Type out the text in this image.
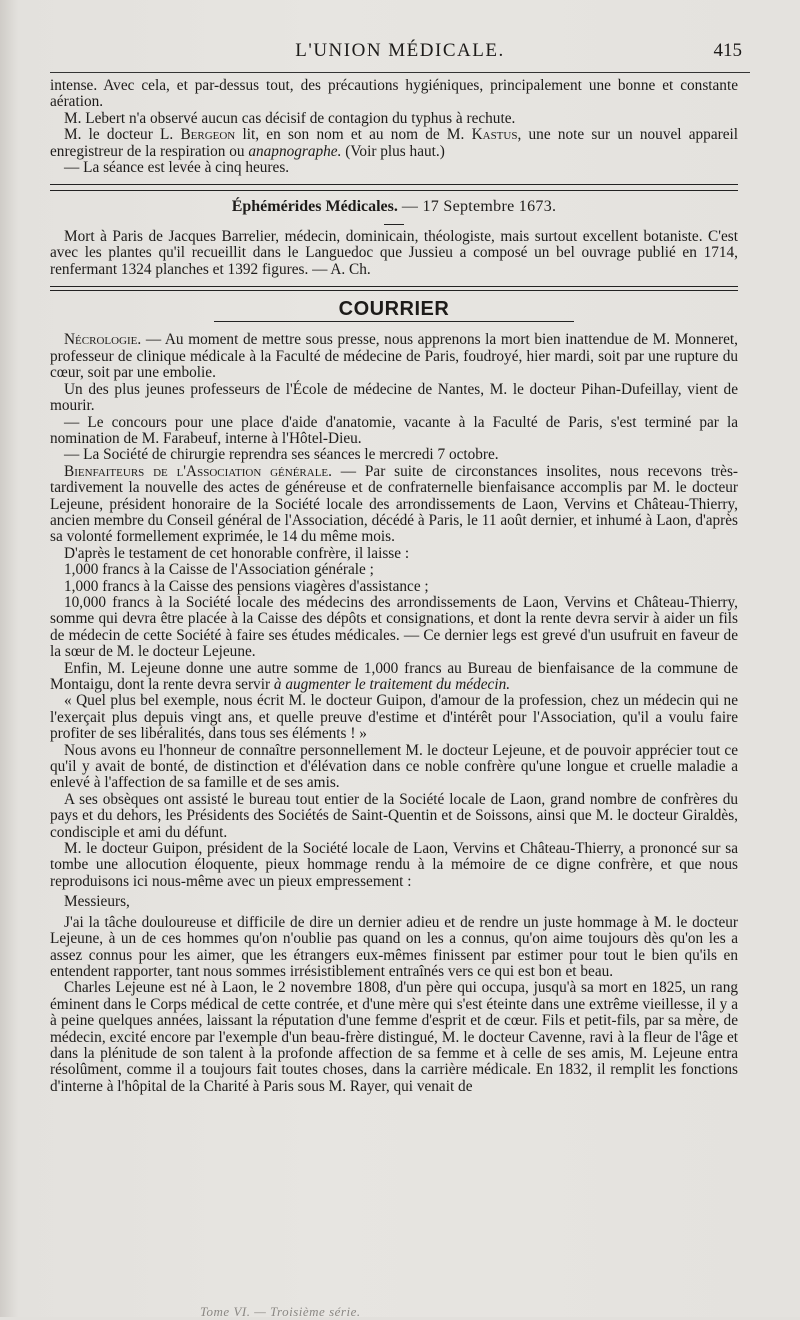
L'UNION MÉDICALE.	415

intense. Avec cela, et par-dessus tout, des précautions hygiéniques, principalement une bonne et constante aération.

M. Lebert n'a observé aucun cas décisif de contagion du typhus à rechute.

M. le docteur L. Bergeon lit, en son nom et au nom de M. Kastus, une note sur un nouvel appareil enregistreur de la respiration ou anapnographe. (Voir plus haut.)

— La séance est levée à cinq heures.

Éphémérides Médicales. — 17 Septembre 1673.

Mort à Paris de Jacques Barrelier, médecin, dominicain, théologiste, mais surtout excellent botaniste. C'est avec les plantes qu'il recueillit dans le Languedoc que Jussieu a composé un bel ouvrage publié en 1714, renfermant 1324 planches et 1392 figures. — A. Ch.

COURRIER

Nécrologie. — Au moment de mettre sous presse, nous apprenons la mort bien inattendue de M. Monneret, professeur de clinique médicale à la Faculté de médecine de Paris, foudroyé, hier mardi, soit par une rupture du cœur, soit par une embolie.

Un des plus jeunes professeurs de l'École de médecine de Nantes, M. le docteur Pihan-Dufeillay, vient de mourir.

— Le concours pour une place d'aide d'anatomie, vacante à la Faculté de Paris, s'est terminé par la nomination de M. Farabeuf, interne à l'Hôtel-Dieu.

— La Société de chirurgie reprendra ses séances le mercredi 7 octobre.

Bienfaiteurs de l'Association générale. — Par suite de circonstances insolites, nous recevons très-tardivement la nouvelle des actes de généreuse et de confraternelle bienfaisance accomplis par M. le docteur Lejeune, président honoraire de la Société locale des arrondissements de Laon, Vervins et Château-Thierry, ancien membre du Conseil général de l'Association, décédé à Paris, le 11 août dernier, et inhumé à Laon, d'après sa volonté formellement exprimée, le 14 du même mois.

D'après le testament de cet honorable confrère, il laisse :

1,000 francs à la Caisse de l'Association générale ;

1,000 francs à la Caisse des pensions viagères d'assistance ;

10,000 francs à la Société locale des médecins des arrondissements de Laon, Vervins et Château-Thierry, somme qui devra être placée à la Caisse des dépôts et consignations, et dont la rente devra servir à aider un fils de médecin de cette Société à faire ses études médicales. — Ce dernier legs est grevé d'un usufruit en faveur de la sœur de M. le docteur Lejeune.

Enfin, M. Lejeune donne une autre somme de 1,000 francs au Bureau de bienfaisance de la commune de Montaigu, dont la rente devra servir à augmenter le traitement du médecin.

« Quel plus bel exemple, nous écrit M. le docteur Guipon, d'amour de la profession, chez un médecin qui ne l'exerçait plus depuis vingt ans, et quelle preuve d'estime et d'intérêt pour l'Association, qu'il a voulu faire profiter de ses libéralités, dans tous ses éléments ! »

Nous avons eu l'honneur de connaître personnellement M. le docteur Lejeune, et de pouvoir apprécier tout ce qu'il y avait de bonté, de distinction et d'élévation dans ce noble confrère qu'une longue et cruelle maladie a enlevé à l'affection de sa famille et de ses amis.

A ses obsèques ont assisté le bureau tout entier de la Société locale de Laon, grand nombre de confrères du pays et du dehors, les Présidents des Sociétés de Saint-Quentin et de Soissons, ainsi que M. le docteur Giraldès, condisciple et ami du défunt.

M. le docteur Guipon, président de la Société locale de Laon, Vervins et Château-Thierry, a prononcé sur sa tombe une allocution éloquente, pieux hommage rendu à la mémoire de ce digne confrère, et que nous reproduisons ici nous-même avec un pieux empressement :

Messieurs,

J'ai la tâche douloureuse et difficile de dire un dernier adieu et de rendre un juste hommage à M. le docteur Lejeune, à un de ces hommes qu'on n'oublie pas quand on les a connus, qu'on aime toujours dès qu'on les a assez connus pour les aimer, que les étrangers eux-mêmes finissent par estimer pour tout le bien qu'ils en entendent rapporter, tant nous sommes irrésistiblement entraînés vers ce qui est bon et beau.

Charles Lejeune est né à Laon, le 2 novembre 1808, d'un père qui occupa, jusqu'à sa mort en 1825, un rang éminent dans le Corps médical de cette contrée, et d'une mère qui s'est éteinte dans une extrême vieillesse, il y a à peine quelques années, laissant la réputation d'une femme d'esprit et de cœur. Fils et petit-fils, par sa mère, de médecin, excité encore par l'exemple d'un beau-frère distingué, M. le docteur Cavenne, ravi à la fleur de l'âge et dans la plénitude de son talent à la profonde affection de sa femme et à celle de ses amis, M. Lejeune entra résolûment, comme il a toujours fait toutes choses, dans la carrière médicale. En 1832, il remplit les fonctions d'interne à l'hôpital de la Charité à Paris sous M. Rayer, qui venait de

Tome VI. — Troisième série.
